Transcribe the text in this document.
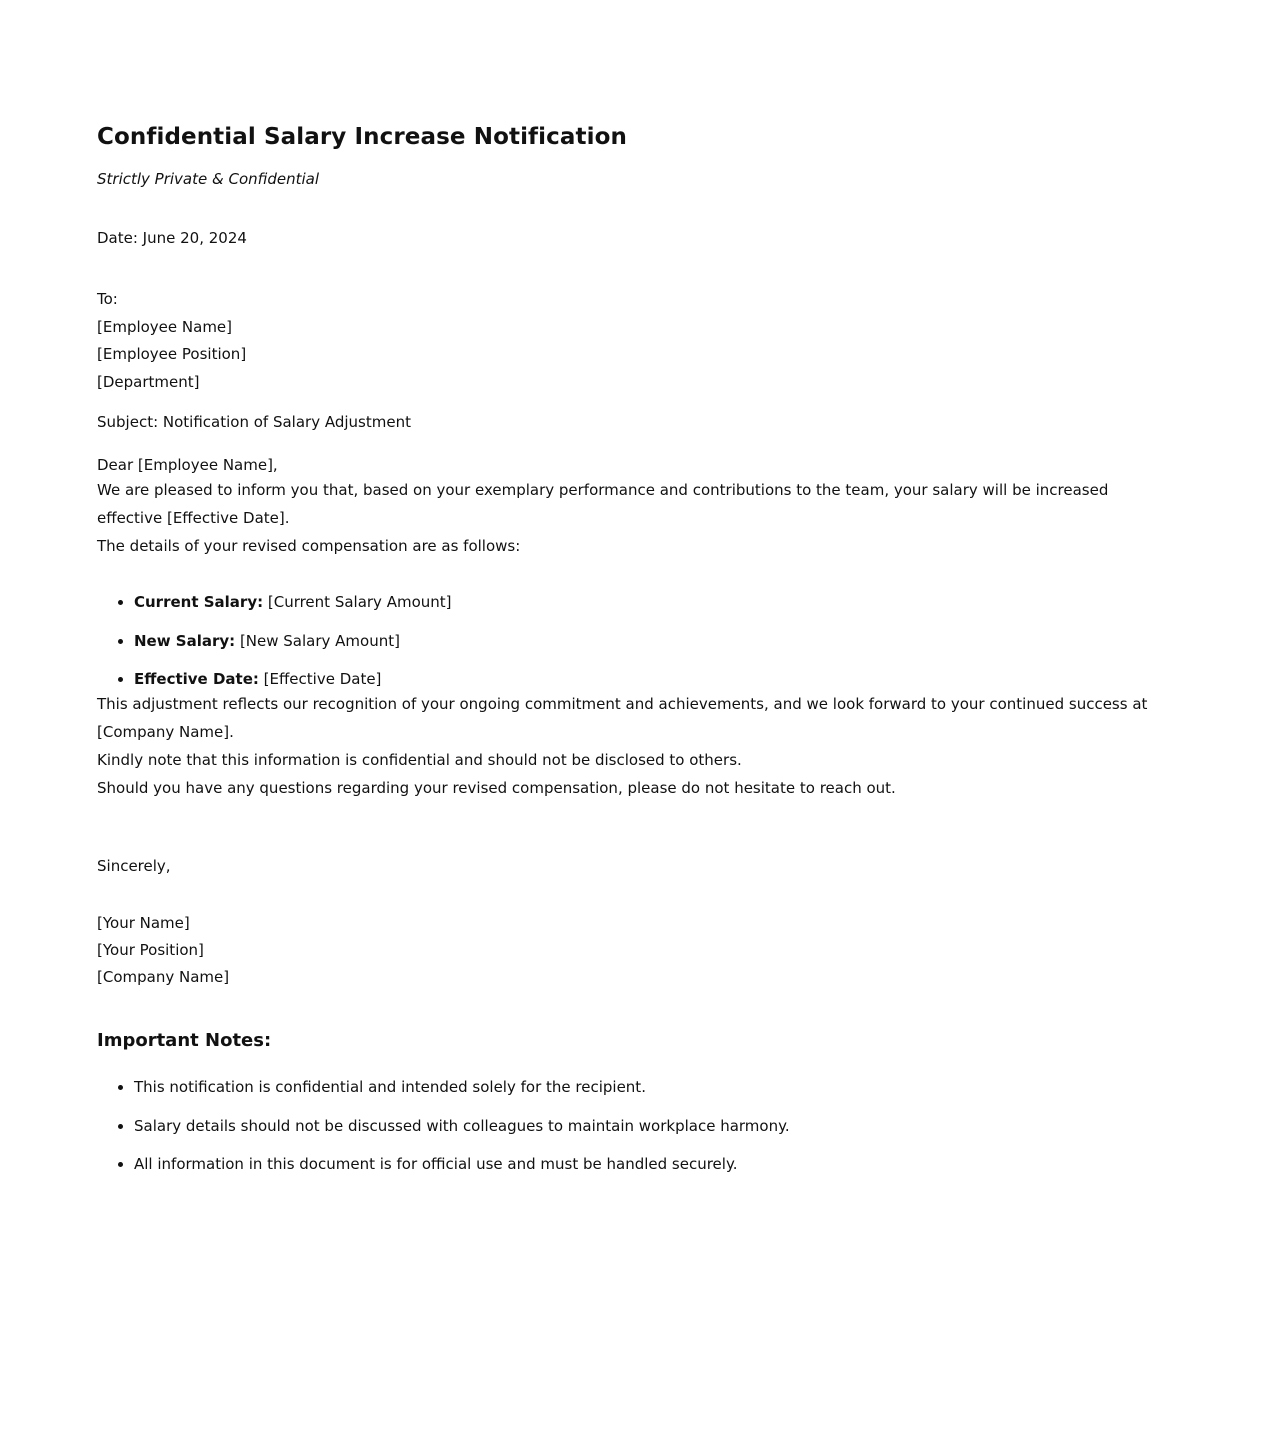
Confidential Salary Increase Notification
Strictly Private & Confidential
Date: June 20, 2024
To:
[Employee Name]
[Employee Position]
[Department]
Subject: Notification of Salary Adjustment
Dear [Employee Name],

We are pleased to inform you that, based on your exemplary performance and contributions to the team, your salary will be increased effective [Effective Date].

The details of your revised compensation are as follows:

• Current Salary: [Current Salary Amount]
• New Salary: [New Salary Amount]
• Effective Date: [Effective Date]

This adjustment reflects our recognition of your ongoing commitment and achievements, and we look forward to your continued success at [Company Name].

Kindly note that this information is confidential and should not be disclosed to others.

Should you have any questions regarding your revised compensation, please do not hesitate to reach out.

Sincerely,
[Your Name]
[Your Position]
[Company Name]
Important Notes:
• This notification is confidential and intended solely for the recipient.
• Salary details should not be discussed with colleagues to maintain workplace harmony.
• All information in this document is for official use and must be handled securely.
